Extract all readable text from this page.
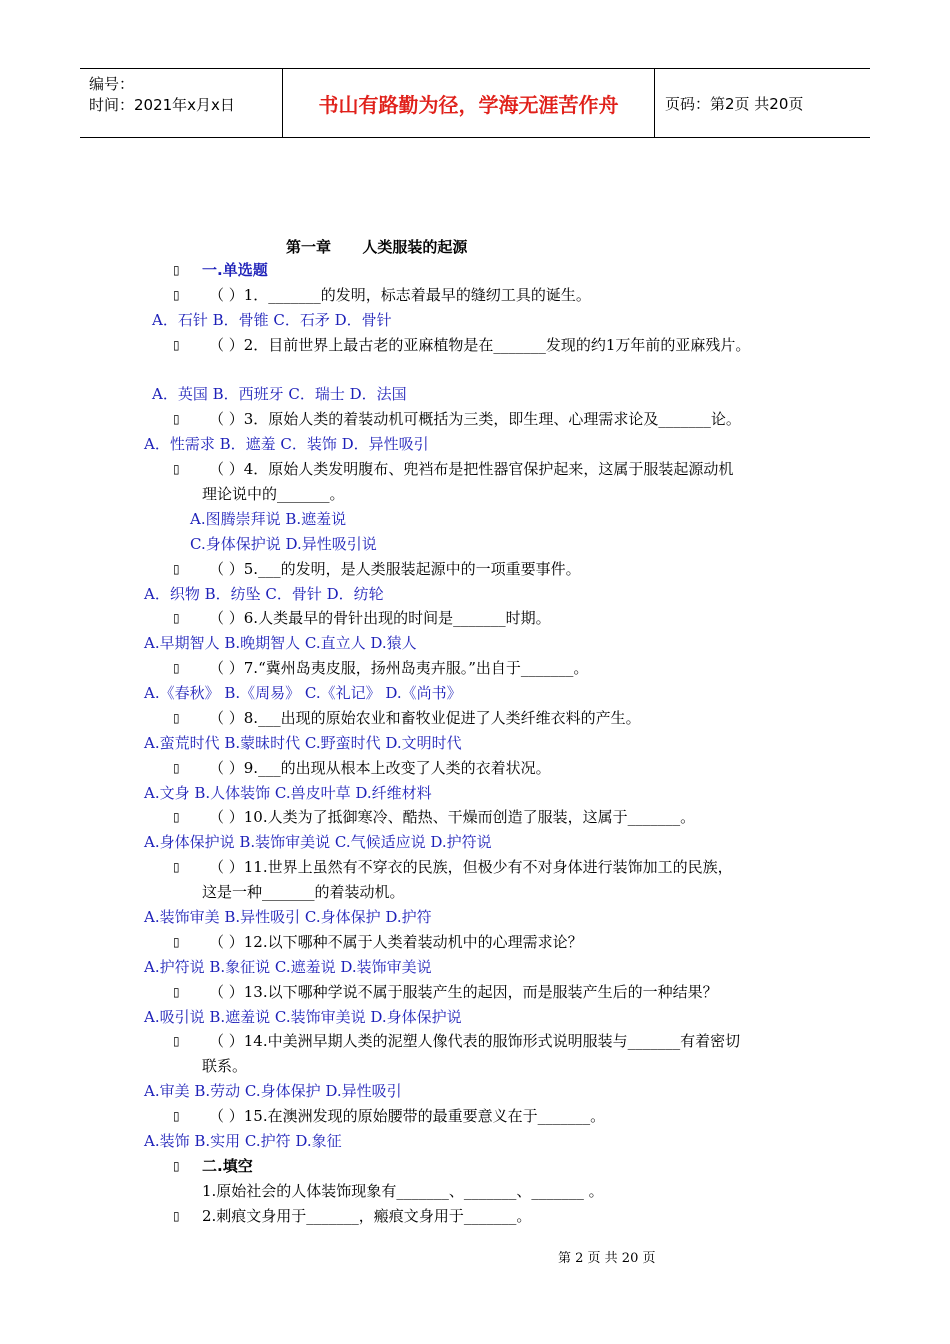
编号：
时间：2021年x月x日	书山有路勤为径，学海无涯苦作舟	页码：第2页 共20页
第一章      人类服装的起源
▯ 一.单选题
▯ （ ）1．_______的发明，标志着最早的缝纫工具的诞生。
A．石针 B．骨锥 C．石矛 D．骨针
▯ （ ）2．目前世界上最古老的亚麻植物是在_______发现的约1万年前的亚麻残片。
A．英国 B．西班牙 C．瑞士 D．法国
▯ （ ）3．原始人类的着装动机可概括为三类，即生理、心理需求论及_______论。
A．性需求 B．遮羞 C．装饰 D．异性吸引
▯ （ ）4．原始人类发明腹布、兜裆布是把性器官保护起来，这属于服装起源动机
理论说中的_______。
A.图腾崇拜说 B.遮羞说
C.身体保护说 D.异性吸引说
▯ （ ）5.___的发明，是人类服装起源中的一项重要事件。
A．织物 B．纺坠 C．骨针 D．纺轮
▯ （ ）6.人类最早的骨针出现的时间是_______时期。
A.早期智人 B.晚期智人 C.直立人 D.猿人
▯ （ ）7.“冀州岛夷皮服，扬州岛夷卉服。”出自于_______。
A.《春秋》 B.《周易》 C.《礼记》 D.《尚书》
▯ （ ）8.___出现的原始农业和畜牧业促进了人类纤维衣料的产生。
A.蛮荒时代 B.蒙昧时代 C.野蛮时代 D.文明时代
▯ （ ）9.___的出现从根本上改变了人类的衣着状况。
A.文身 B.人体装饰 C.兽皮叶草 D.纤维材料
▯ （ ）10.人类为了抵御寒冷、酷热、干燥而创造了服装，这属于_______。
A.身体保护说 B.装饰审美说 C.气候适应说 D.护符说
▯ （ ）11.世界上虽然有不穿衣的民族，但极少有不对身体进行装饰加工的民族，
这是一种_______的着装动机。
A.装饰审美 B.异性吸引 C.身体保护 D.护符
▯ （ ）12.以下哪种不属于人类着装动机中的心理需求论？
A.护符说 B.象征说 C.遮羞说 D.装饰审美说
▯ （ ）13.以下哪种学说不属于服装产生的起因，而是服装产生后的一种结果？
A.吸引说 B.遮羞说 C.装饰审美说 D.身体保护说
▯ （ ）14.中美洲早期人类的泥塑人像代表的服饰形式说明服装与_______有着密切
联系。
A.审美 B.劳动 C.身体保护 D.异性吸引
▯ （ ）15.在澳洲发现的原始腰带的最重要意义在于_______。
A.装饰 B.实用 C.护符 D.象征
▯ 二.填空
1.原始社会的人体装饰现象有_______、_______、_______ 。
▯ 2.刺痕文身用于_______，瘢痕文身用于_______。
第 2 页 共 20 页
